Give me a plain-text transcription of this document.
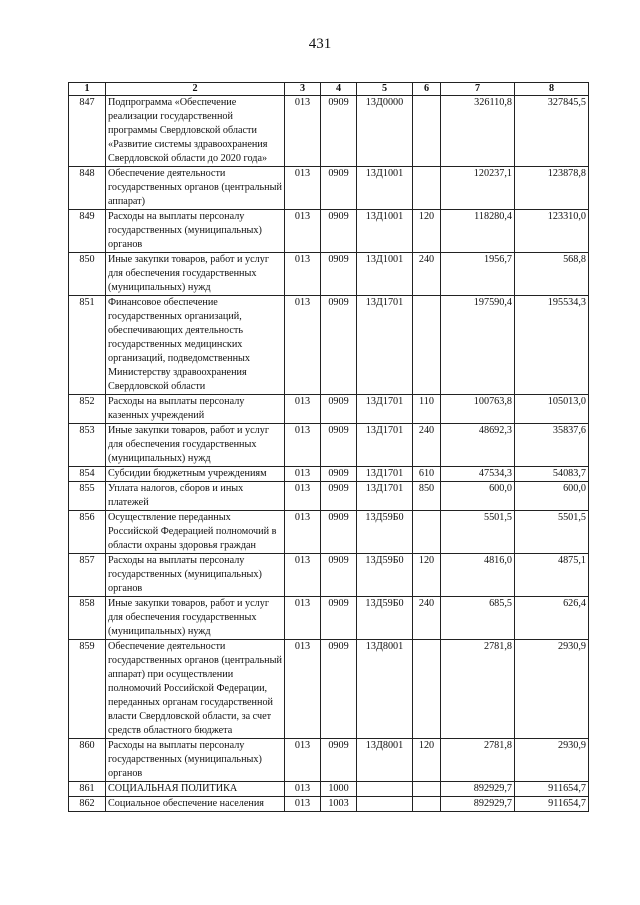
431
1	2	3	4	5	6	7	8
847	Подпрограмма «Обеспечение реализации государственной программы Свердловской области «Развитие системы здравоохранения Свердловской области до 2020 года»	013	0909	13Д0000		326110,8	327845,5
848	Обеспечение деятельности государственных органов (центральный аппарат)	013	0909	13Д1001		120237,1	123878,8
849	Расходы на выплаты персоналу государственных (муниципальных) органов	013	0909	13Д1001	120	118280,4	123310,0
850	Иные закупки товаров, работ и услуг для обеспечения государственных (муниципальных) нужд	013	0909	13Д1001	240	1956,7	568,8
851	Финансовое обеспечение государственных организаций, обеспечивающих деятельность государственных медицинских организаций, подведомственных Министерству здравоохранения Свердловской области	013	0909	13Д1701		197590,4	195534,3
852	Расходы на выплаты персоналу казенных учреждений	013	0909	13Д1701	110	100763,8	105013,0
853	Иные закупки товаров, работ и услуг для обеспечения государственных (муниципальных) нужд	013	0909	13Д1701	240	48692,3	35837,6
854	Субсидии бюджетным учреждениям	013	0909	13Д1701	610	47534,3	54083,7
855	Уплата налогов, сборов и иных платежей	013	0909	13Д1701	850	600,0	600,0
856	Осуществление переданных Российской Федерацией полномочий в области охраны здоровья граждан	013	0909	13Д59Б0		5501,5	5501,5
857	Расходы на выплаты персоналу государственных (муниципальных) органов	013	0909	13Д59Б0	120	4816,0	4875,1
858	Иные закупки товаров, работ и услуг для обеспечения государственных (муниципальных) нужд	013	0909	13Д59Б0	240	685,5	626,4
859	Обеспечение деятельности государственных органов (центральный аппарат) при осуществлении полномочий Российской Федерации, переданных органам государственной власти Свердловской области, за счет средств областного бюджета	013	0909	13Д8001		2781,8	2930,9
860	Расходы на выплаты персоналу государственных (муниципальных) органов	013	0909	13Д8001	120	2781,8	2930,9
861	СОЦИАЛЬНАЯ ПОЛИТИКА	013	1000			892929,7	911654,7
862	Социальное обеспечение населения	013	1003			892929,7	911654,7
